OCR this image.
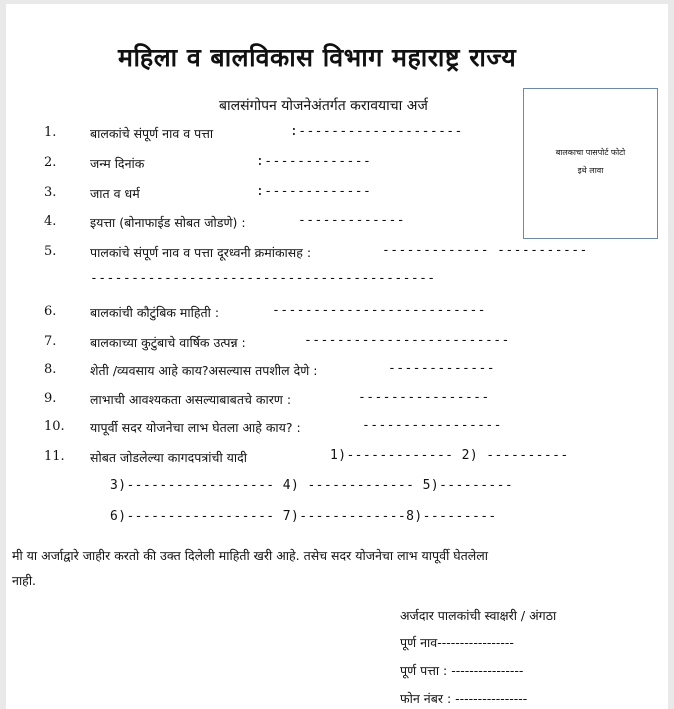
महिला व बालविकास विभाग महाराष्ट्र राज्य
बालसंगोपन योजनेअंतर्गत करावयाचा अर्ज
बालकाचा पासपोर्ट फोटो
इथे लावा
1.	बालकांचे संपूर्ण नाव व पत्ता	:--------------------
2.	जन्म दिनांक	:-------------
3.	जात व धर्म	:-------------
4.	इयत्ता (बोनाफाईड सोबत जोडणे) :	-------------
5.	पालकांचे संपूर्ण नाव व पत्ता दूरध्वनी क्रमांकासह :	------------- -----------
------------------------------------------
6.	बालकांची कौटुंबिक माहिती :	--------------------------
7.	बालकाच्या कुटुंबाचे वार्षिक उत्पन्न :	-------------------------
8.	शेती /व्यवसाय आहे काय?असल्यास तपशील देणे :	-------------
9.	लाभाची आवश्यकता असल्याबाबतचे कारण :	----------------
10. यापूर्वी सदर योजनेचा लाभ घेतला आहे काय? :	-----------------
11. सोबत जोडलेल्या कागदपत्रांची यादी	1)------------- 2) ----------
3)------------------ 4) ------------- 5)---------
6)------------------ 7)-------------8)---------
मी या अर्जाद्वारे जाहीर करतो की उक्त दिलेली माहिती खरी आहे. तसेच सदर योजनेचा लाभ यापूर्वी घेतलेला
नाही.
अर्जदार पालकांची स्वाक्षरी / अंगठा
पूर्ण नाव-----------------
पूर्ण पत्ता : ----------------
फोन नंबर : ----------------
